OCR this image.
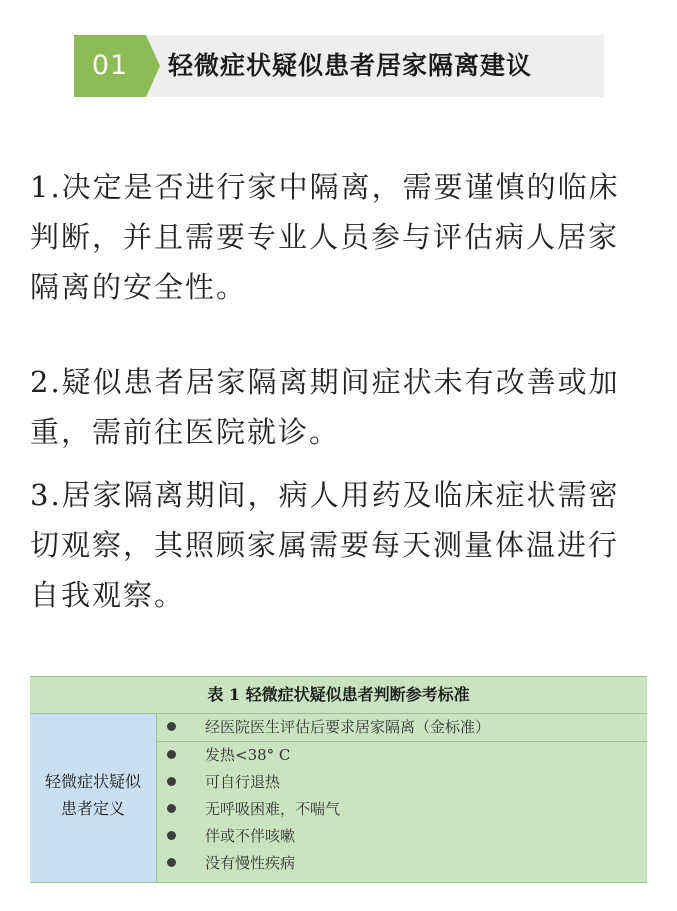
01	轻微症状疑似患者居家隔离建议
1.决定是否进行家中隔离，需要谨慎的临床
判断，并且需要专业人员参与评估病人居家
隔离的安全性。
2.疑似患者居家隔离期间症状未有改善或加
重，需前往医院就诊。
3.居家隔离期间，病人用药及临床症状需密
切观察，其照顾家属需要每天测量体温进行
自我观察。
表 1 轻微症状疑似患者判断参考标准
轻微症状疑似
患者定义
经医院医生评估后要求居家隔离（金标准）
发热<38° C
可自行退热
无呼吸困难，不喘气
伴或不伴咳嗽
没有慢性疾病
